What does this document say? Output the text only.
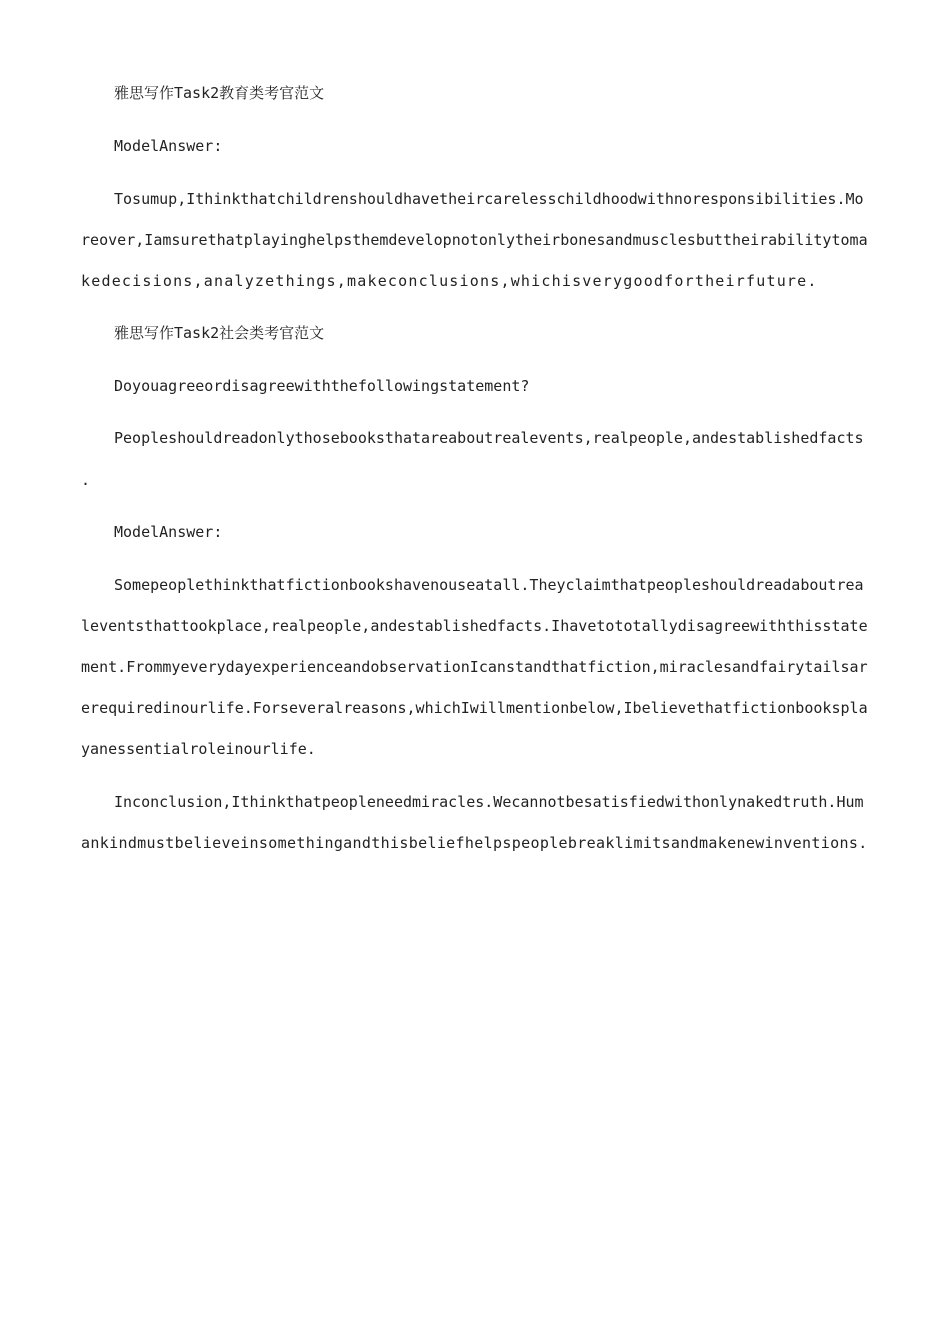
雅思写作Task2教育类考官范文
ModelAnswer:
Tosumup,Ithinkthatchildrenshouldhavetheircarelesschildhoodwithnoresponsibilities.Mo
reover,Iamsurethatplayinghelpsthemdevelopnotonlytheirbonesandmusclesbuttheirabilitytoma
kedecisions,analyzethings,makeconclusions,whichisverygoodfortheirfuture.
雅思写作Task2社会类考官范文
Doyouagreeordisagreewiththefollowingstatement?
Peopleshouldreadonlythosebooksthatareaboutrealevents,realpeople,andestablishedfacts
.
ModelAnswer:
Somepeoplethinkthatfictionbookshavenouseatall.Theyclaimthatpeopleshouldreadaboutrea
leventsthattookplace,realpeople,andestablishedfacts.Ihavetototallydisagreewiththisstate
ment.FrommyeverydayexperienceandobservationIcanstandthatfiction,miraclesandfairytailsar
erequiredinourlife.Forseveralreasons,whichIwillmentionbelow,Ibelievethatfictionbookspla
yanessentialroleinourlife.
Inconclusion,Ithinkthatpeopleneedmiracles.Wecannotbesatisfiedwithonlynakedtruth.Hum
ankindmustbelieveinsomethingandthisbeliefhelpspeoplebreaklimitsandmakenewinventions.
